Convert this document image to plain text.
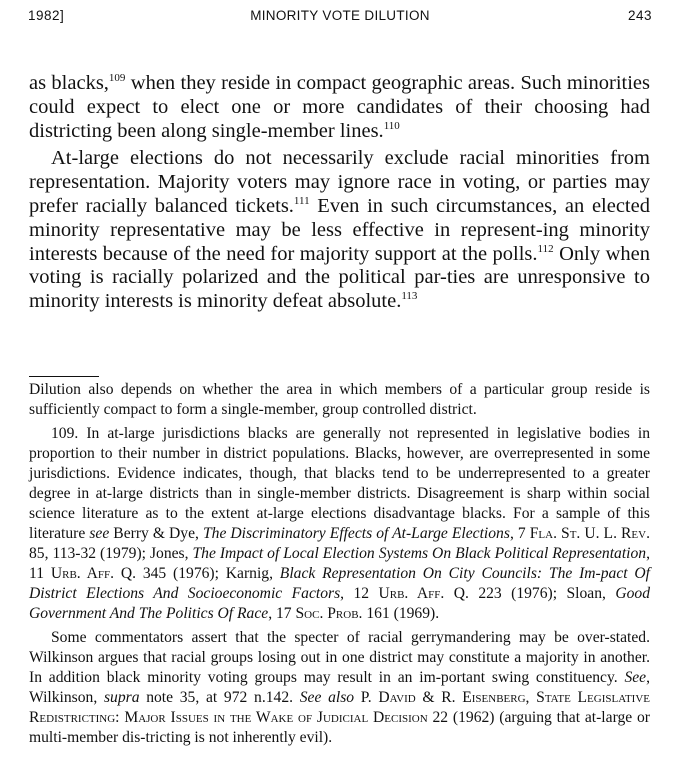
1982]	MINORITY VOTE DILUTION	243

as blacks,$^{109}$ when they reside in compact geographic areas. Such minorities could expect to elect one or more candidates of their choosing had districting been along single-member lines.$^{110}$

At-large elections do not necessarily exclude racial minorities from representation. Majority voters may ignore race in voting, or parties may prefer racially balanced tickets.$^{111}$ Even in such circumstances, an elected minority representative may be less effective in represent-ing minority interests because of the need for majority support at the polls.$^{112}$ Only when voting is racially polarized and the political par-ties are unresponsive to minority interests is minority defeat absolute.$^{113}$

Dilution also depends on whether the area in which members of a particular group reside is sufficiently compact to form a single-member, group controlled district.

109. In at-large jurisdictions blacks are generally not represented in legislative bodies in proportion to their number in district populations. Blacks, however, are overrepresented in some jurisdictions. Evidence indicates, though, that blacks tend to be underrepresented to a greater degree in at-large districts than in single-member districts. Disagreement is sharp within social science literature as to the extent at-large elections disadvantage blacks. For a sample of this literature see Berry & Dye, The Discriminatory Effects of At-Large Elections, 7 Fla. St. U. L. Rev. 85, 113-32 (1979); Jones, The Impact of Local Election Systems On Black Political Representation, 11 Urb. Aff. Q. 345 (1976); Karnig, Black Representation On City Councils: The Im-pact Of District Elections And Socioeconomic Factors, 12 Urb. Aff. Q. 223 (1976); Sloan, Good Government And The Politics Of Race, 17 Soc. Prob. 161 (1969).

Some commentators assert that the specter of racial gerrymandering may be over-stated. Wilkinson argues that racial groups losing out in one district may constitute a majority in another. In addition black minority voting groups may result in an im-portant swing constituency. See, Wilkinson, supra note 35, at 972 n.142. See also P. David & R. Eisenberg, State Legislative Redistricting: Major Issues in the Wake of Judicial Decision 22 (1962) (arguing that at-large or multi-member dis-tricting is not inherently evil).
